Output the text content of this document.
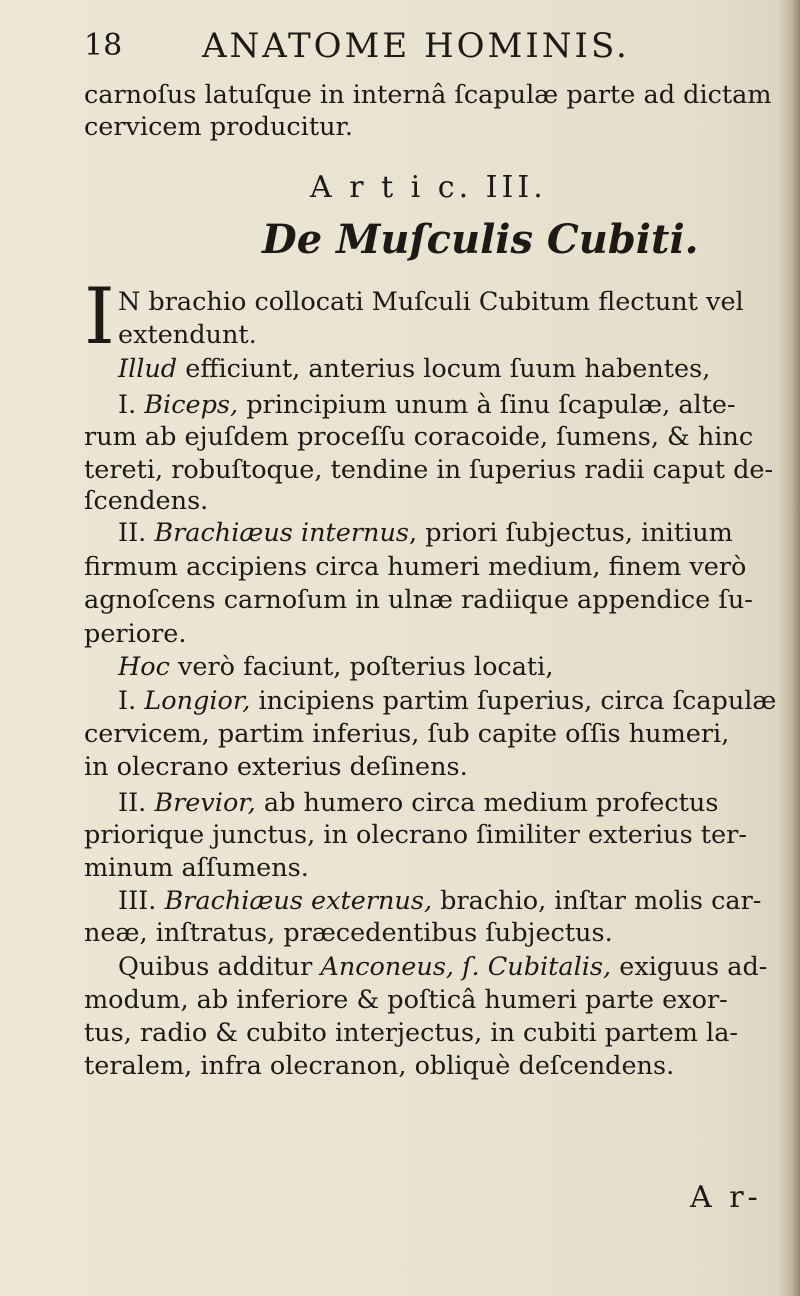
18 ANATOME HOMINIS.
carnoſus latuſque in internâ ſcapulæ parte ad dictam
cervicem producitur.
A r t i c. III.
De Muſculis Cubiti.
I N brachio collocati Muſculi Cubitum flectunt vel
extendunt.
Illud efficiunt, anterius locum ſuum habentes,
I. Biceps, principium unum à ſinu ſcapulæ, alte-
rum ab ejuſdem proceſſu coracoide, ſumens, & hinc
tereti, robuſtoque, tendine in ſuperius radii caput de-
ſcendens.
II. Brachiæus internus, priori ſubjectus, initium
firmum accipiens circa humeri medium, finem verò
agnoſcens carnoſum in ulnæ radiique appendice ſu-
periore.
Hoc verò faciunt, poſterius locati,
I. Longior, incipiens partim ſuperius, circa ſcapulæ
cervicem, partim inferius, ſub capite oſſis humeri,
in olecrano exterius deſinens.
II. Brevior, ab humero circa medium profectus
priorique junctus, in olecrano ſimiliter exterius ter-
minum aſſumens.
III. Brachiæus externus, brachio, inſtar molis car-
neæ, inſtratus, præcedentibus ſubjectus.
Quibus additur Anconeus, ſ. Cubitalis, exiguus ad-
modum, ab inferiore & poſticâ humeri parte exor-
tus, radio & cubito interjectus, in cubiti partem la-
teralem, infra olecranon, obliquè deſcendens.
A r-
